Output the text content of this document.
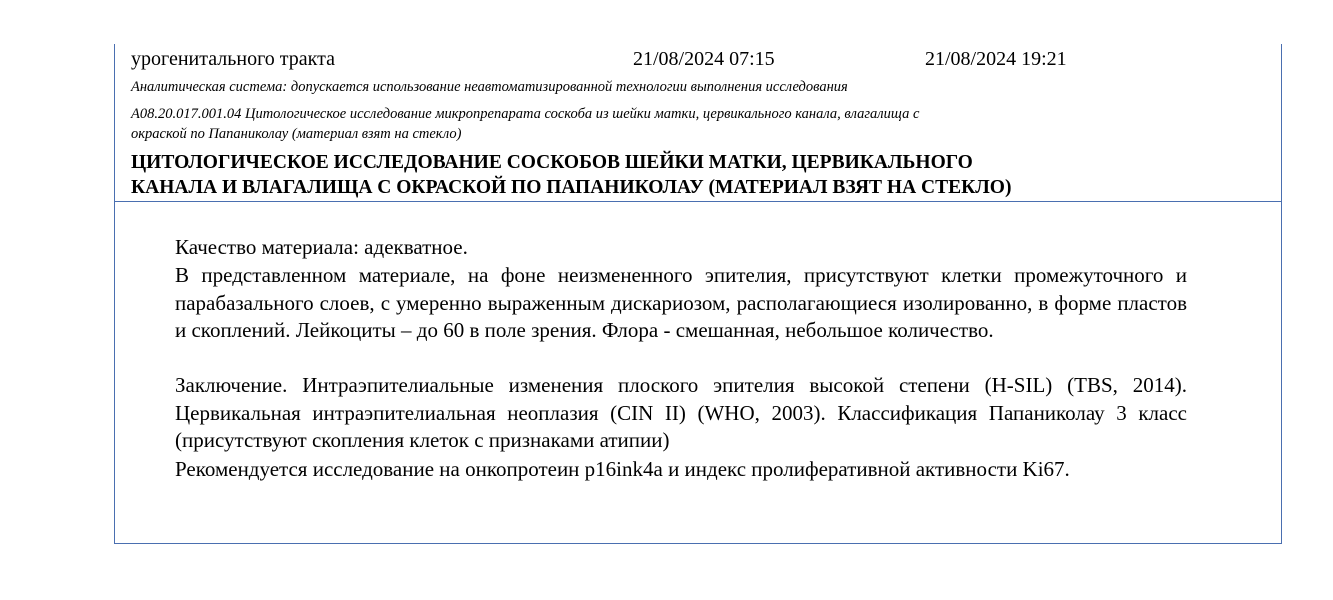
урогенитального тракта	21/08/2024 07:15	21/08/2024 19:21
Аналитическая система: допускается использование неавтоматизированной технологии выполнения исследования
A08.20.017.001.04 Цитологическое исследование микропрепарата соскоба из шейки матки, цервикального канала, влагалища с
окраской по Папаниколау (материал взят на стекло)
ЦИТОЛОГИЧЕСКОЕ ИССЛЕДОВАНИЕ СОСКОБОВ ШЕЙКИ МАТКИ, ЦЕРВИКАЛЬНОГО
КАНАЛА И ВЛАГАЛИЩА С ОКРАСКОЙ ПО ПАПАНИКОЛАУ (МАТЕРИАЛ ВЗЯТ НА СТЕКЛО)
Качество материала: адекватное.
В представленном материале, на фоне неизмененного эпителия, присутствуют клетки промежуточного и парабазального слоев, с умеренно выраженным дискариозом, располагающиеся изолированно, в форме пластов и скоплений. Лейкоциты – до 60 в поле зрения. Флора - смешанная, небольшое количество.
Заключение. Интраэпителиальные изменения плоского эпителия высокой степени (H-SIL) (TBS, 2014). Цервикальная интраэпителиальная неоплазия (CIN II) (WHO, 2003). Классификация Папаниколау 3 класс (присутствуют скопления клеток с признаками атипии)
Рекомендуется исследование на онкопротеин p16ink4a и индекс пролиферативной активности Ki67.
